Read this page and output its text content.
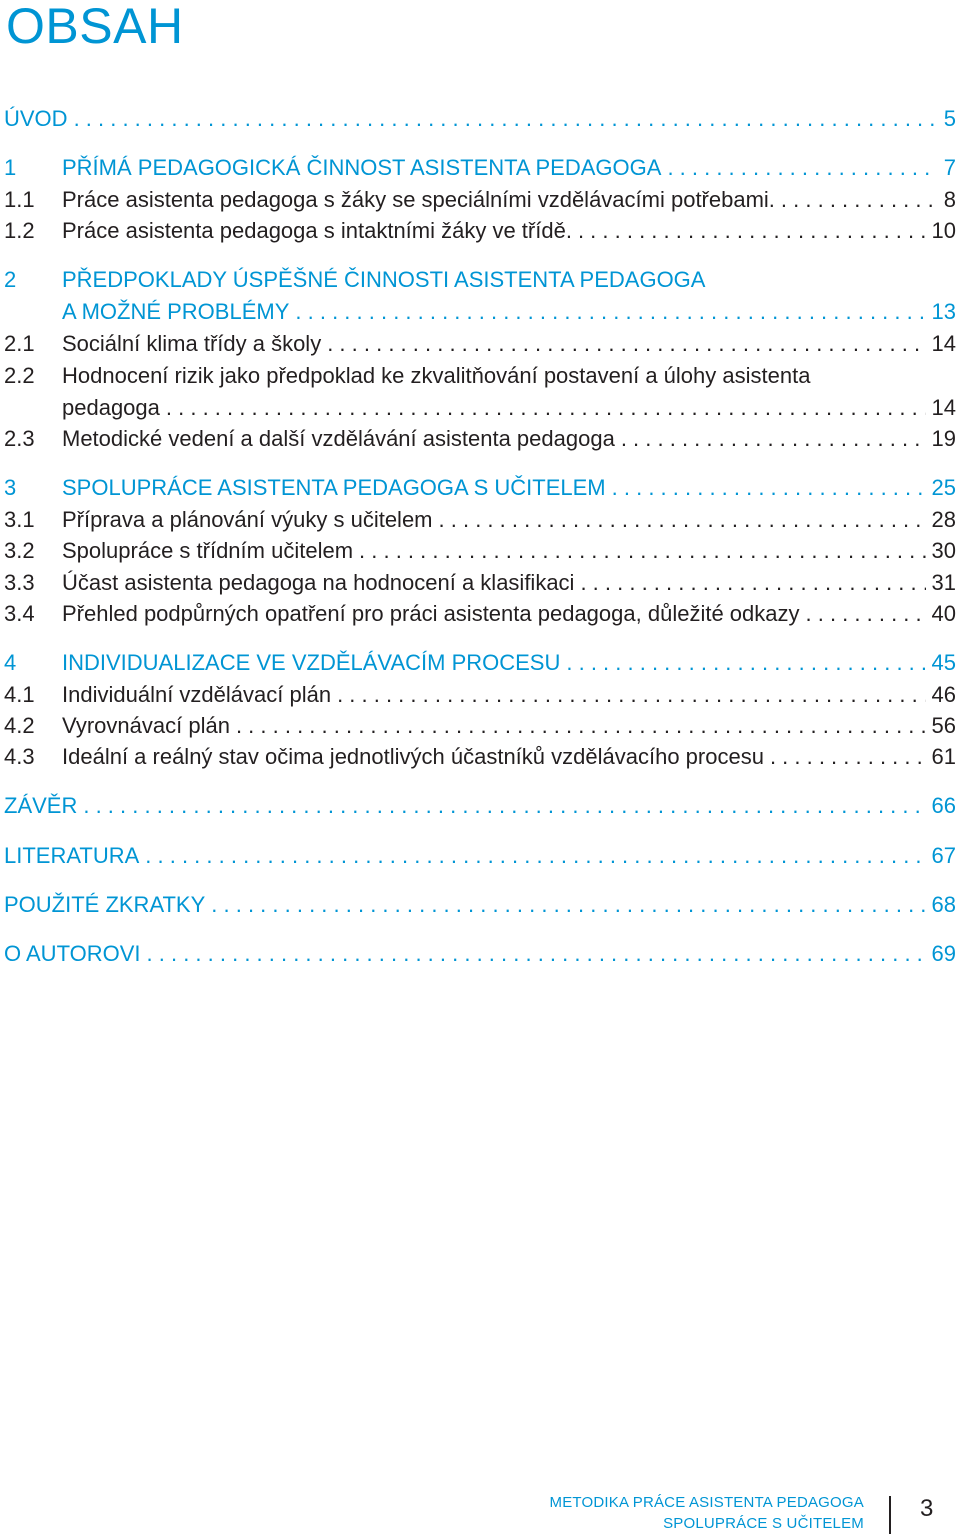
OBSAH
ÚVOD . . .	5
1	PŘÍMÁ PEDAGOGICKÁ ČINNOST ASISTENTA PEDAGOGA . . .	7
1.1	Práce asistenta pedagoga s žáky se speciálními vzdělávacími potřebami. . . .	8
1.2	Práce asistenta pedagoga s intaktními žáky ve třídě. . . .	10
2	PŘEDPOKLADY ÚSPĚŠNÉ ČINNOSTI ASISTENTA PEDAGOGA
A MOŽNÉ PROBLÉMY . . .	13
2.1	Sociální klima třídy a školy . . .	14
2.2	Hodnocení rizik jako předpoklad ke zkvalitňování postavení a úlohy asistenta
pedagoga . . .	14
2.3	Metodické vedení a další vzdělávání asistenta pedagoga . . .	19
3	SPOLUPRÁCE ASISTENTA PEDAGOGA S UČITELEM . . .	25
3.1	Příprava a plánování výuky s učitelem . . .	28
3.2	Spolupráce s třídním učitelem . . .	30
3.3	Účast asistenta pedagoga na hodnocení a klasifikaci . . .	31
3.4	Přehled podpůrných opatření pro práci asistenta pedagoga, důležité odkazy . . .	40
4	INDIVIDUALIZACE VE VZDĚLÁVACÍM PROCESU . . .	45
4.1	Individuální vzdělávací plán . . .	46
4.2	Vyrovnávací plán . . .	56
4.3	Ideální a reálný stav očima jednotlivých účastníků vzdělávacího procesu . . .	61
ZÁVĚR . . .	66
LITERATURA . . .	67
POUŽITÉ ZKRATKY . . .	68
O AUTOROVI . . .	69
METODIKA PRÁCE ASISTENTA PEDAGOGA
SPOLUPRÁCE S UČITELEM
3
